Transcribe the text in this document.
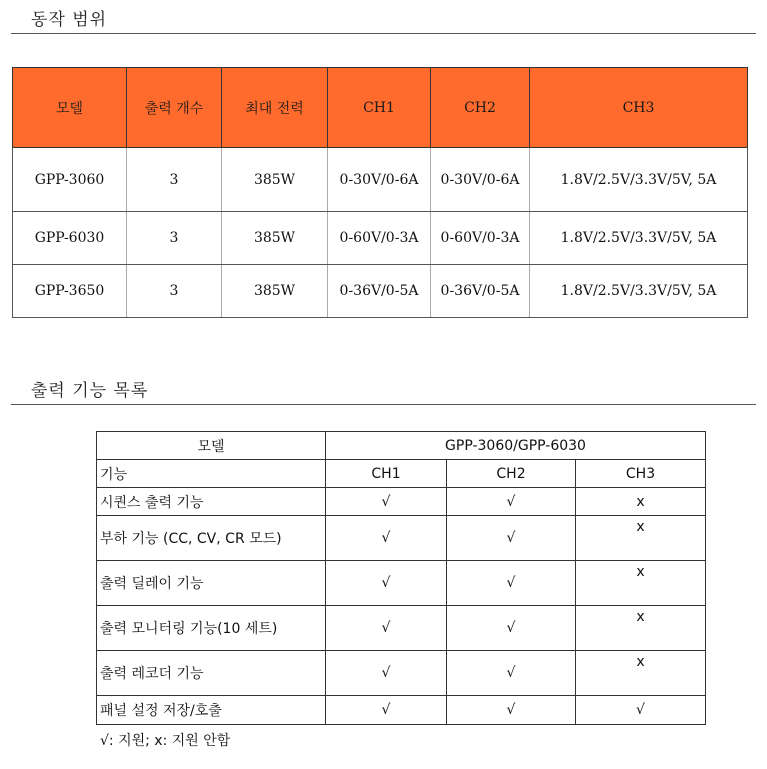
동작 범위
모델	출력 개수	최대 전력	CH1	CH2	CH3
GPP-3060	3	385W	0-30V/0-6A	0-30V/0-6A	1.8V/2.5V/3.3V/5V, 5A
GPP-6030	3	385W	0-60V/0-3A	0-60V/0-3A	1.8V/2.5V/3.3V/5V, 5A
GPP-3650	3	385W	0-36V/0-5A	0-36V/0-5A	1.8V/2.5V/3.3V/5V, 5A
출력 기능 목록
모델	GPP-3060/GPP-6030		
기능	CH1	CH2	CH3
시퀀스 출력 기능	√	√	x
부하 기능 (CC, CV, CR 모드)	√	√	x
출력 딜레이 기능	√	√	x
출력 모니터링 기능(10 세트)	√	√	x
출력 레코더 기능	√	√	x
패널 설정 저장/호출	√	√	√
√: 지원; x: 지원 안함
